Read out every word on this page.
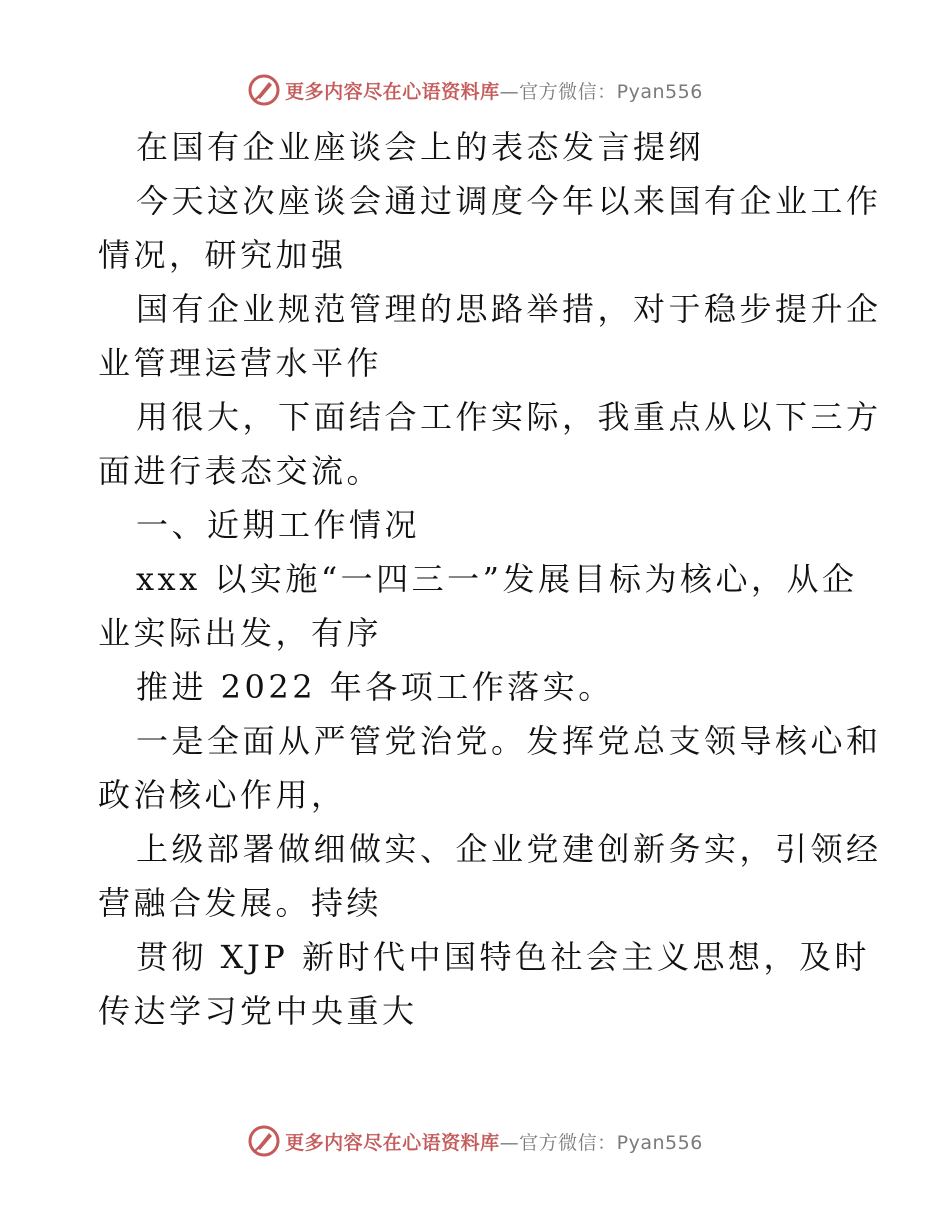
更多内容尽在心语资料库—官方微信：Pyan556
在国有企业座谈会上的表态发言提纲
今天这次座谈会通过调度今年以来国有企业工作
情况，研究加强
国有企业规范管理的思路举措，对于稳步提升企
业管理运营水平作
用很大，下面结合工作实际，我重点从以下三方
面进行表态交流。
一、近期工作情况
xxx 以实施“一四三一”发展目标为核心，从企
业实际出发，有序
推进 2022 年各项工作落实。
一是全面从严管党治党。发挥党总支领导核心和
政治核心作用，
上级部署做细做实、企业党建创新务实，引领经
营融合发展。持续
贯彻 XJP 新时代中国特色社会主义思想，及时
传达学习党中央重大
更多内容尽在心语资料库—官方微信：Pyan556
